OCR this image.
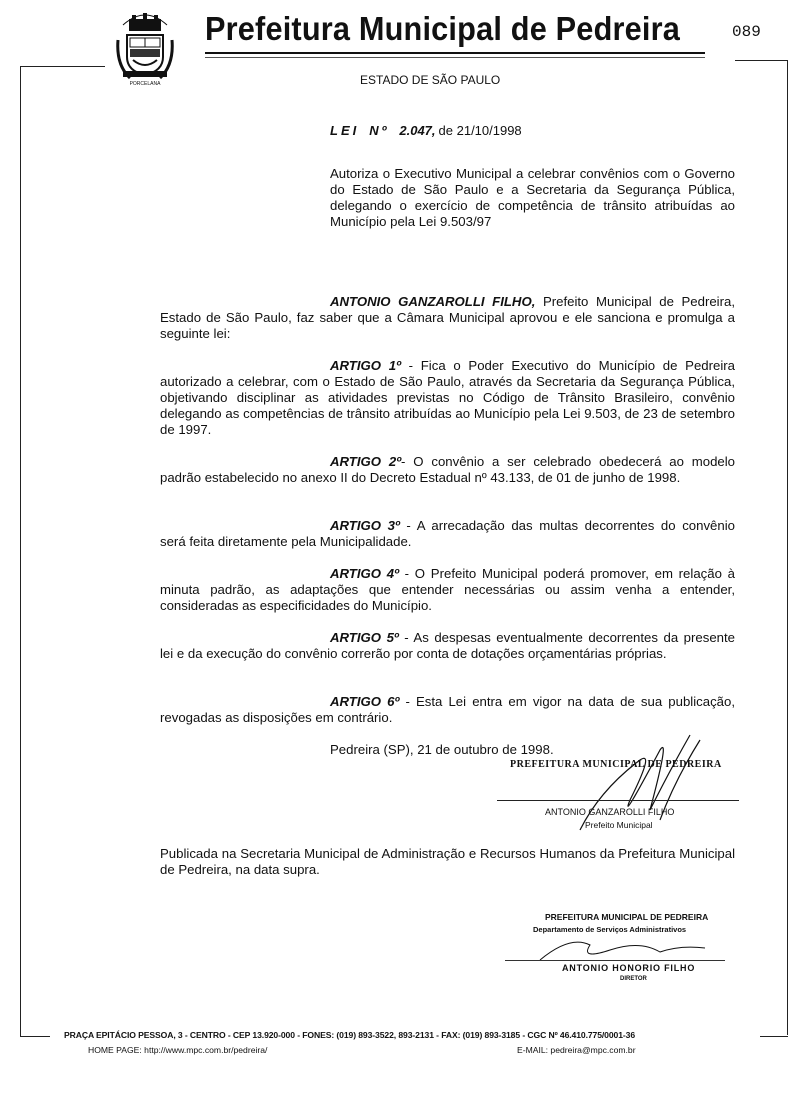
PORCELANA
Prefeitura Municipal de Pedreira
ESTADO DE SÃO PAULO
089
LEI Nº 2.047, de 21/10/1998
Autoriza o Executivo Municipal a celebrar convênios com o Governo do Estado de São Paulo e a Secretaria da Segurança Pública, delegando o exercício de competência de trânsito atribuídas ao Município pela Lei 9.503/97
ANTONIO GANZAROLLI FILHO, Prefeito Municipal de Pedreira, Estado de São Paulo, faz saber que a Câmara Municipal aprovou e ele sanciona e promulga a seguinte lei:
ARTIGO 1º - Fica o Poder Executivo do Município de Pedreira autorizado a celebrar, com o Estado de São Paulo, através da Secretaria da Segurança Pública, objetivando disciplinar as atividades previstas no Código de Trânsito Brasileiro, convênio delegando as competências de trânsito atribuídas ao Município pela Lei 9.503, de 23 de setembro de 1997.
ARTIGO 2º- O convênio a ser celebrado obedecerá ao modelo padrão estabelecido no anexo II do Decreto Estadual nº 43.133, de 01 de junho de 1998.
ARTIGO 3º - A arrecadação das multas decorrentes do convênio será feita diretamente pela Municipalidade.
ARTIGO 4º - O Prefeito Municipal poderá promover, em relação à minuta padrão, as adaptações que entender necessárias ou assim venha a entender, consideradas as especificidades do Município.
ARTIGO 5º - As despesas eventualmente decorrentes da presente lei e da execução do convênio correrão por conta de dotações orçamentárias próprias.
ARTIGO 6º - Esta Lei entra em vigor na data de sua publicação, revogadas as disposições em contrário.
Pedreira (SP), 21 de outubro de 1998.
PREFEITURA MUNICIPAL DE PEDREIRA
ANTONIO GANZAROLLI FILHO
Prefeito Municipal
Publicada na Secretaria Municipal de Administração e Recursos Humanos da Prefeitura Municipal de Pedreira, na data supra.
PREFEITURA MUNICIPAL DE PEDREIRA
Departamento de Serviços Administrativos
ANTONIO HONORIO FILHO
DIRETOR
PRAÇA EPITÁCIO PESSOA, 3 - CENTRO - CEP 13.920-000 - FONES: (019) 893-3522, 893-2131 - FAX: (019) 893-3185 - CGC Nº 46.410.775/0001-36
HOME PAGE: http://www.mpc.com.br/pedreira/	E-MAIL: pedreira@mpc.com.br
